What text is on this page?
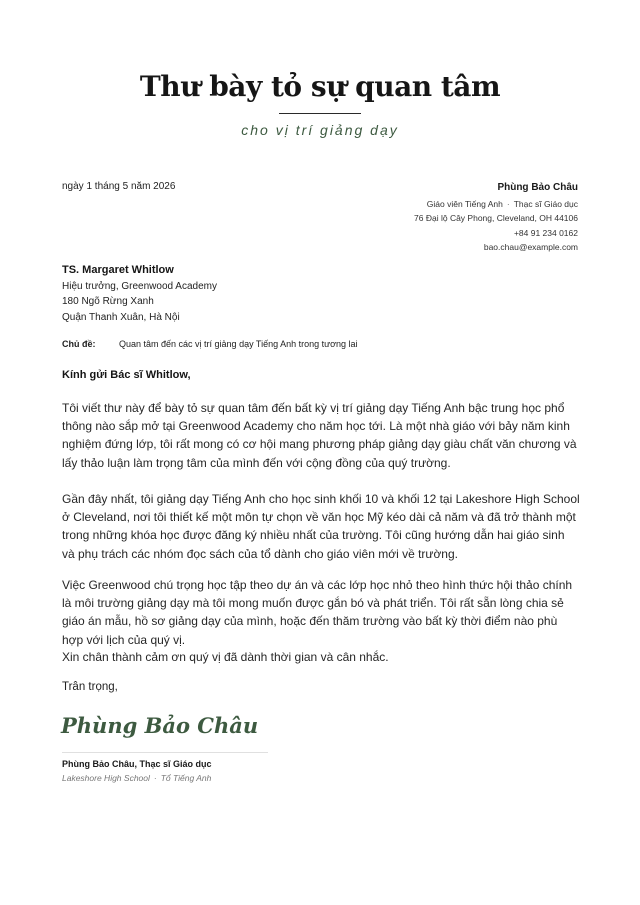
Thư bày tỏ sự quan tâm
cho vị trí giảng dạy
ngày 1 tháng 5 năm 2026	Phùng Bảo Châu
Giáo viên Tiếng Anh · Thạc sĩ Giáo dục
76 Đại lộ Cây Phong, Cleveland, OH 44106
+84 91 234 0162
bao.chau@example.com
TS. Margaret Whitlow
Hiệu trưởng, Greenwood Academy
180 Ngõ Rừng Xanh
Quận Thanh Xuân, Hà Nội
Chủ đề:	Quan tâm đến các vị trí giảng dạy Tiếng Anh trong tương lai
Kính gửi Bác sĩ Whitlow,
Tôi viết thư này để bày tỏ sự quan tâm đến bất kỳ vị trí giảng dạy Tiếng Anh bậc trung học phổ thông nào sắp mở tại Greenwood Academy cho năm học tới. Là một nhà giáo với bảy năm kinh nghiệm đứng lớp, tôi rất mong có cơ hội mang phương pháp giảng dạy giàu chất văn chương và lấy thảo luận làm trọng tâm của mình đến với cộng đồng của quý trường.
Gần đây nhất, tôi giảng dạy Tiếng Anh cho học sinh khối 10 và khối 12 tại Lakeshore High School ở Cleveland, nơi tôi thiết kế một môn tự chọn về văn học Mỹ kéo dài cả năm và đã trở thành một trong những khóa học được đăng ký nhiều nhất của trường. Tôi cũng hướng dẫn hai giáo sinh và phụ trách các nhóm đọc sách của tổ dành cho giáo viên mới về trường.
Việc Greenwood chú trọng học tập theo dự án và các lớp học nhỏ theo hình thức hội thảo chính là môi trường giảng dạy mà tôi mong muốn được gắn bó và phát triển. Tôi rất sẵn lòng chia sẻ giáo án mẫu, hồ sơ giảng dạy của mình, hoặc đến thăm trường vào bất kỳ thời điểm nào phù hợp với lịch của quý vị.
Xin chân thành cảm ơn quý vị đã dành thời gian và cân nhắc.
Trân trọng,
Phùng Bảo Châu
Phùng Bảo Châu, Thạc sĩ Giáo dục
Lakeshore High School · Tổ Tiếng Anh
